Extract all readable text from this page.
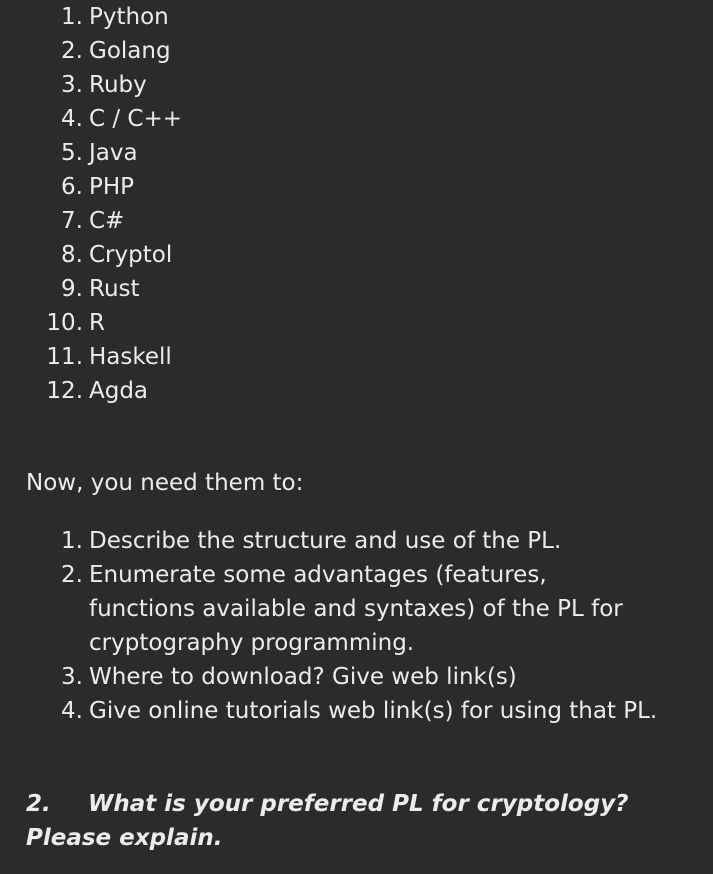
1. Python
2. Golang
3. Ruby
4. C / C++
5. Java
6. PHP
7. C#
8. Cryptol
9. Rust
10. R
11. Haskell
12. Agda

Now, you need them to:

1. Describe the structure and use of the PL.
2. Enumerate some advantages (features, functions available and syntaxes) of the PL for cryptography programming.
3. Where to download? Give web link(s)
4. Give online tutorials web link(s) for using that PL.

2. What is your preferred PL for cryptology? Please explain.
